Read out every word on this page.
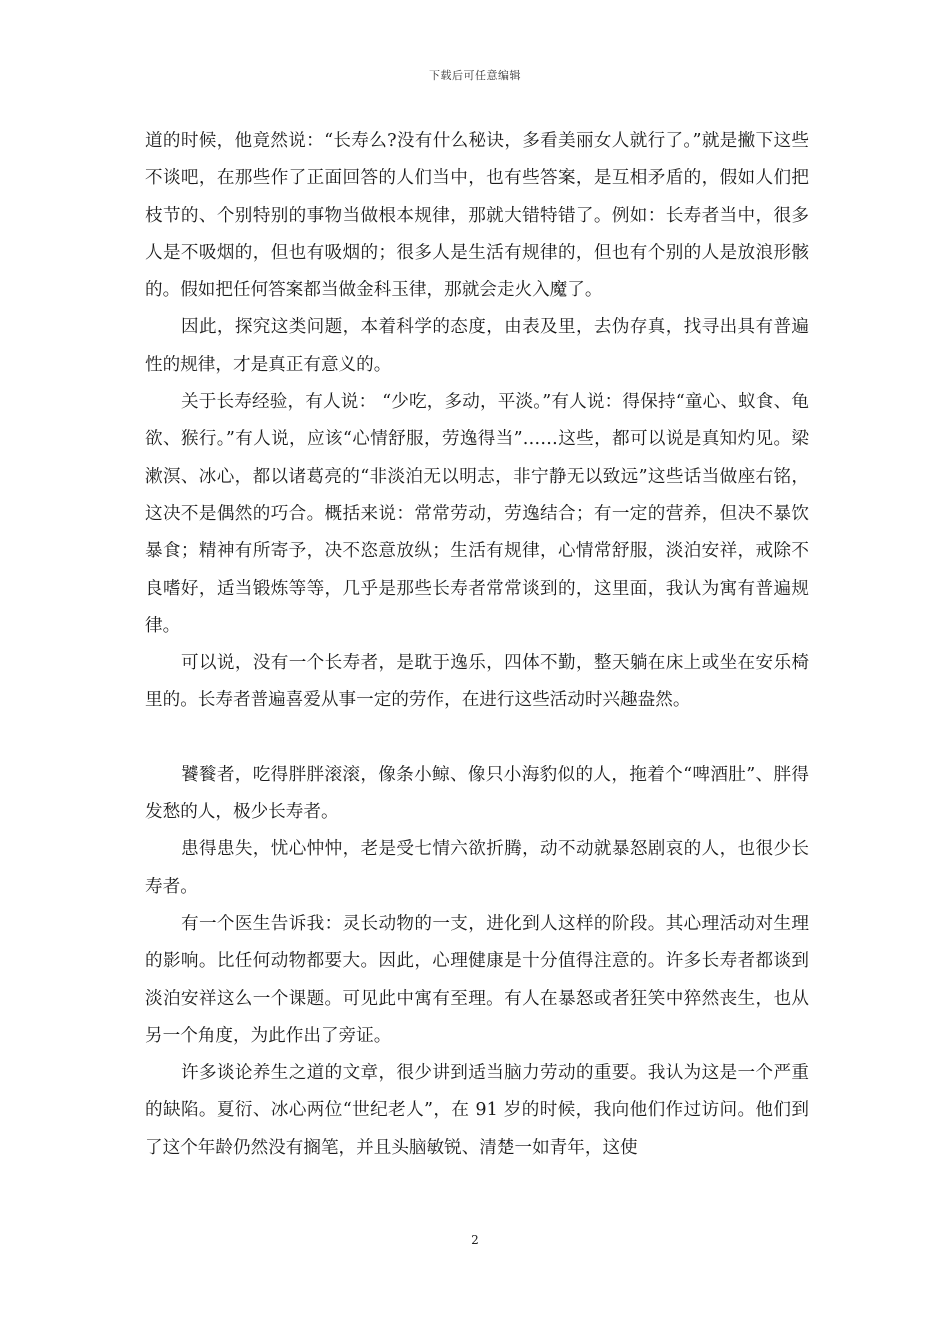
下载后可任意编辑

道的时候，他竟然说：“长寿么?没有什么秘诀，多看美丽女人就行了。”就是撇下这些不谈吧，在那些作了正面回答的人们当中，也有些答案，是互相矛盾的，假如人们把枝节的、个别特别的事物当做根本规律，那就大错特错了。例如：长寿者当中，很多人是不吸烟的，但也有吸烟的；很多人是生活有规律的，但也有个别的人是放浪形骸的。假如把任何答案都当做金科玉律，那就会走火入魔了。

因此，探究这类问题，本着科学的态度，由表及里，去伪存真，找寻出具有普遍性的规律，才是真正有意义的。

关于长寿经验，有人说： “少吃，多动，平淡。”有人说：得保持“童心、蚁食、龟欲、猴行。”有人说，应该“心情舒服，劳逸得当”……这些，都可以说是真知灼见。梁漱溟、冰心，都以诸葛亮的“非淡泊无以明志，非宁静无以致远”这些话当做座右铭，这决不是偶然的巧合。概括来说：常常劳动，劳逸结合；有一定的营养，但决不暴饮暴食；精神有所寄予，决不恣意放纵；生活有规律，心情常舒服，淡泊安祥，戒除不良嗜好，适当锻炼等等，几乎是那些长寿者常常谈到的，这里面，我认为寓有普遍规律。

可以说，没有一个长寿者，是耽于逸乐，四体不勤，整天躺在床上或坐在安乐椅里的。长寿者普遍喜爱从事一定的劳作，在进行这些活动时兴趣盎然。

饕餮者，吃得胖胖滚滚，像条小鲸、像只小海豹似的人，拖着个“啤酒肚”、胖得发愁的人，极少长寿者。

患得患失，忧心忡忡，老是受七情六欲折腾，动不动就暴怒剧哀的人，也很少长寿者。

有一个医生告诉我：灵长动物的一支，进化到人这样的阶段。其心理活动对生理的影响。比任何动物都要大。因此，心理健康是十分值得注意的。许多长寿者都谈到淡泊安祥这么一个课题。可见此中寓有至理。有人在暴怒或者狂笑中猝然丧生，也从另一个角度，为此作出了旁证。

许多谈论养生之道的文章，很少讲到适当脑力劳动的重要。我认为这是一个严重的缺陷。夏衍、冰心两位“世纪老人”，在 91 岁的时候，我向他们作过访问。他们到了这个年龄仍然没有搁笔，并且头脑敏锐、清楚一如青年，这使

2
